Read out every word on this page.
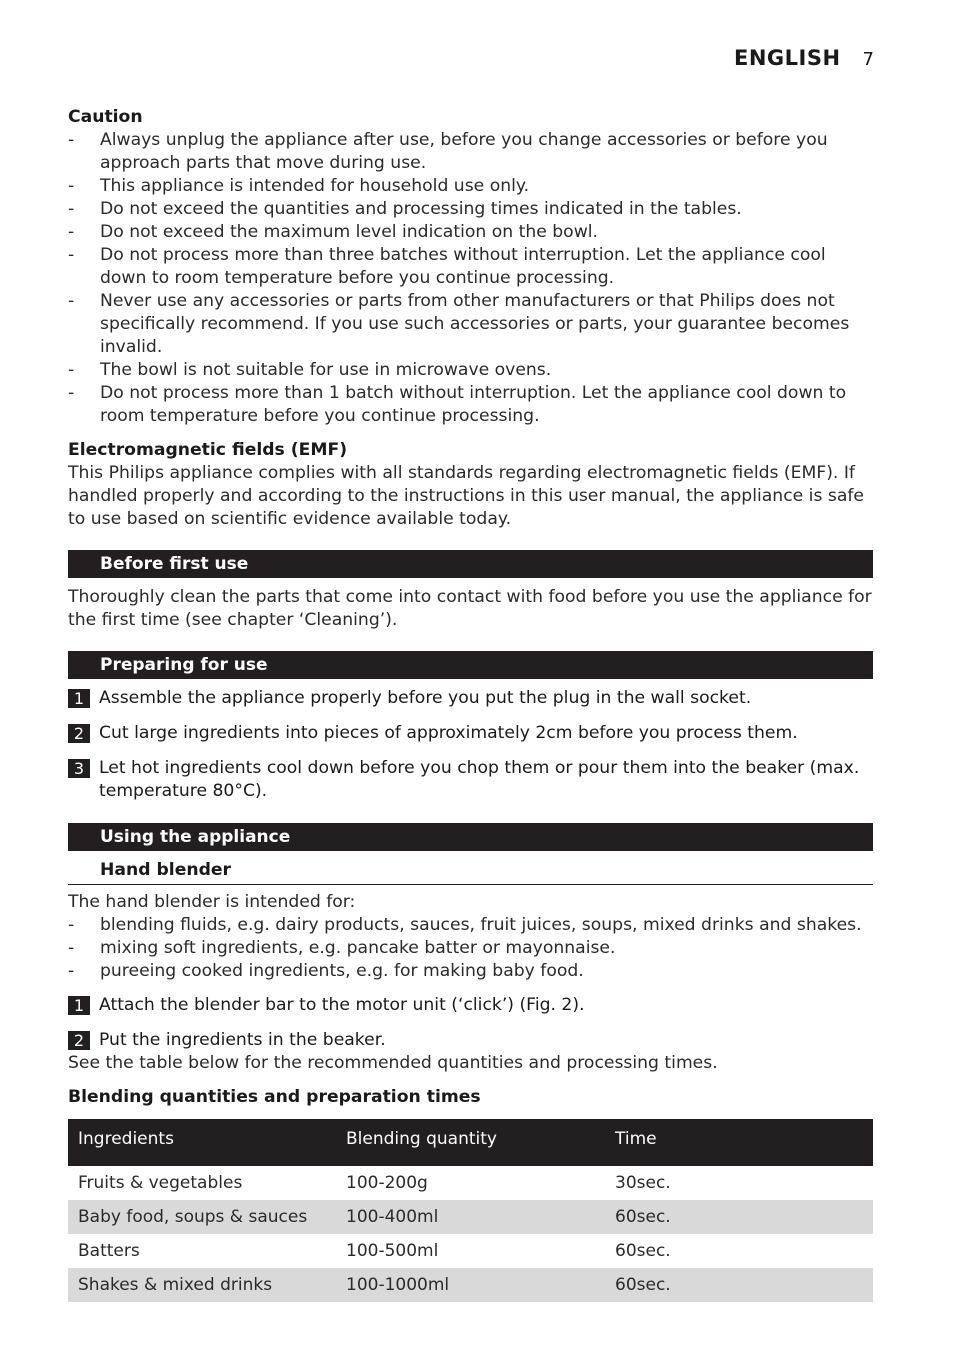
ENGLISH 7

Caution

- Always unplug the appliance after use, before you change accessories or before you approach parts that move during use.
- This appliance is intended for household use only.
- Do not exceed the quantities and processing times indicated in the tables.
- Do not exceed the maximum level indication on the bowl.
- Do not process more than three batches without interruption. Let the appliance cool down to room temperature before you continue processing.
- Never use any accessories or parts from other manufacturers or that Philips does not specifically recommend. If you use such accessories or parts, your guarantee becomes invalid.
- The bowl is not suitable for use in microwave ovens.
- Do not process more than 1 batch without interruption. Let the appliance cool down to room temperature before you continue processing.

Electromagnetic fields (EMF)

This Philips appliance complies with all standards regarding electromagnetic fields (EMF). If handled properly and according to the instructions in this user manual, the appliance is safe to use based on scientific evidence available today.

Before first use

Thoroughly clean the parts that come into contact with food before you use the appliance for the first time (see chapter ‘Cleaning’).

Preparing for use
1 Assemble the appliance properly before you put the plug in the wall socket.
2 Cut large ingredients into pieces of approximately 2cm before you process them.
3 Let hot ingredients cool down before you chop them or pour them into the beaker (max. temperature 80°C).
Using the appliance
Hand blender

The hand blender is intended for:

- blending fluids, e.g. dairy products, sauces, fruit juices, soups, mixed drinks and shakes.
- mixing soft ingredients, e.g. pancake batter or mayonnaise.
- pureeing cooked ingredients, e.g. for making baby food.
1 Attach the blender bar to the motor unit (‘click’) (Fig. 2).
2 Put the ingredients in the beaker.

See the table below for the recommended quantities and processing times.

Blending quantities and preparation times

Ingredients	Blending quantity	Time
Fruits & vegetables	100-200g	30sec.
Baby food, soups & sauces	100-400ml	60sec.
Batters	100-500ml	60sec.
Shakes & mixed drinks	100-1000ml	60sec.
